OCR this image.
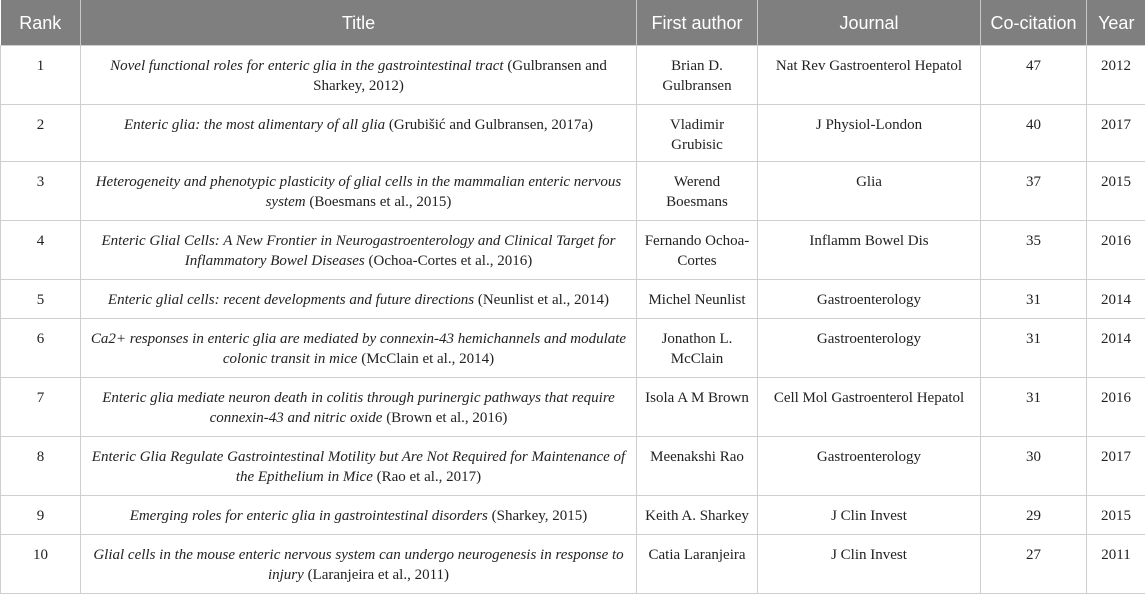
Rank	Title	First author	Journal	Co-citation	Year
1	Novel functional roles for enteric glia in the gastrointestinal tract (Gulbransen and Sharkey, 2012)	Brian D. Gulbransen	Nat Rev Gastroenterol Hepatol	47	2012
2	Enteric glia: the most alimentary of all glia (Grubišić and Gulbransen, 2017a)	Vladimir Grubisic	J Physiol-London	40	2017
3	Heterogeneity and phenotypic plasticity of glial cells in the mammalian enteric nervous system (Boesmans et al., 2015)	Werend Boesmans	Glia	37	2015
4	Enteric Glial Cells: A New Frontier in Neurogastroenterology and Clinical Target for Inflammatory Bowel Diseases (Ochoa-Cortes et al., 2016)	Fernando Ochoa-Cortes	Inflamm Bowel Dis	35	2016
5	Enteric glial cells: recent developments and future directions (Neunlist et al., 2014)	Michel Neunlist	Gastroenterology	31	2014
6	Ca2+ responses in enteric glia are mediated by connexin-43 hemichannels and modulate colonic transit in mice (McClain et al., 2014)	Jonathon L. McClain	Gastroenterology	31	2014
7	Enteric glia mediate neuron death in colitis through purinergic pathways that require connexin-43 and nitric oxide (Brown et al., 2016)	Isola A M Brown	Cell Mol Gastroenterol Hepatol	31	2016
8	Enteric Glia Regulate Gastrointestinal Motility but Are Not Required for Maintenance of the Epithelium in Mice (Rao et al., 2017)	Meenakshi Rao	Gastroenterology	30	2017
9	Emerging roles for enteric glia in gastrointestinal disorders (Sharkey, 2015)	Keith A. Sharkey	J Clin Invest	29	2015
10	Glial cells in the mouse enteric nervous system can undergo neurogenesis in response to injury (Laranjeira et al., 2011)	Catia Laranjeira	J Clin Invest	27	2011
